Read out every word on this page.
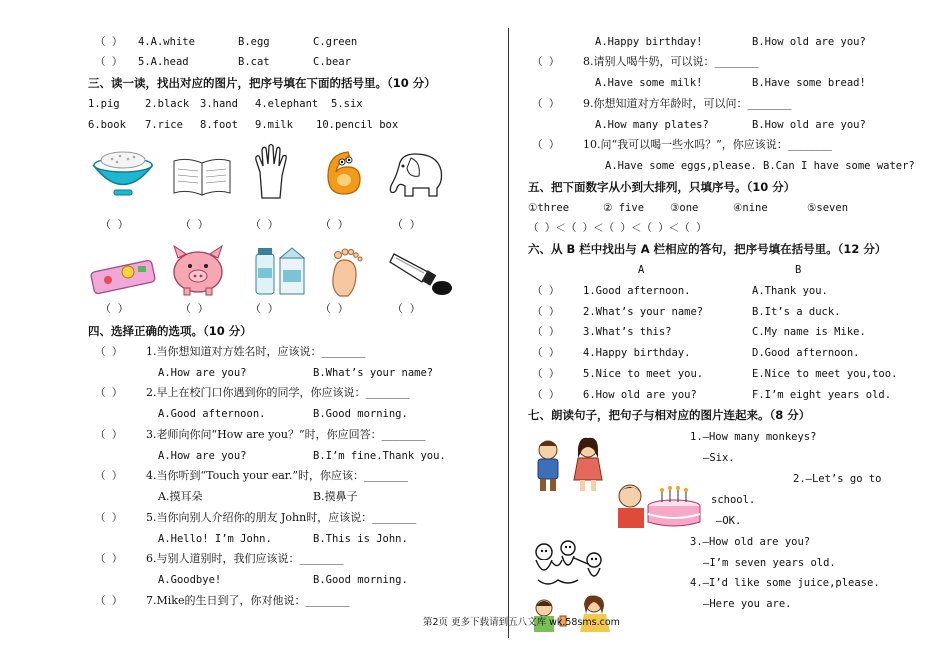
（ ） 4.A.white	B.egg	C.green
（ ） 5.A.head	B.cat	C.bear
三、读一读，找出对应的图片，把序号填在下面的括号里。（10 分）
1.pig 2.black 3.hand 4.elephant 5.six
6.book 7.rice 8.foot 9.milk 10.pencil box
（ ）	（ ）	（ ）	（ ）	（ ）
（ ）	（ ）	（ ）	（ ）	（ ）
四、选择正确的选项。（10 分）
（ ） 1.当你想知道对方姓名时，应该说：________
A.How are you?	B.What’s your name?
（ ） 2.早上在校门口你遇到你的同学，你应该说：________
A.Good afternoon.	B.Good morning.
（ ） 3.老师向你问“How are you？”时，你应回答：________
A.How are you?	B.I’m fine.Thank you.
（ ） 4.当你听到“Touch your ear.”时，你应该：________
A.摸耳朵	B.摸鼻子
（ ） 5.当你向别人介绍你的朋友 John时，应该说：________
A.Hello! I’m John.	B.This is John.
（ ） 6.与别人道别时，我们应该说：________
A.Goodbye!	B.Good morning.
（ ） 7.Mike的生日到了，你对他说：________
A.Happy birthday!	B.How old are you?
（ ） 8.请别人喝牛奶，可以说：________
A.Have some milk!	B.Have some bread!
（ ） 9.你想知道对方年龄时，可以问：________
A.How many plates?	B.How old are you?
（ ） 10.问“我可以喝一些水吗？”，你应该说：________
A.Have some eggs,please. B.Can I have some water?
五、把下面数字从小到大排列，只填序号。（10 分）
①three	② five ③one	④nine	⑤seven
（ ）＜（ ）＜（ ）＜（ ）＜（ ）
六、从 B 栏中找出与 A 栏相应的答句，把序号填在括号里。（12 分）
A	B
（ ） 1.Good afternoon.	A.Thank you.
（ ） 2.What’s your name?	B.It’s a duck.
（ ） 3.What’s this?	C.My name is Mike.
（ ） 4.Happy birthday.	D.Good afternoon.
（ ） 5.Nice to meet you.	E.Nice to meet you,too.
（ ） 6.How old are you?	F.I’m eight years old.
七、朗读句子，把句子与相对应的图片连起来。（8 分）
1.—How many monkeys?
—Six.
2.—Let’s go to
school.
—OK.
3.—How old are you?
—I’m seven years old.
4.—I’d like some juice,please.
—Here you are.
第2页 更多下载请到五八文库 wk.58sms.com
